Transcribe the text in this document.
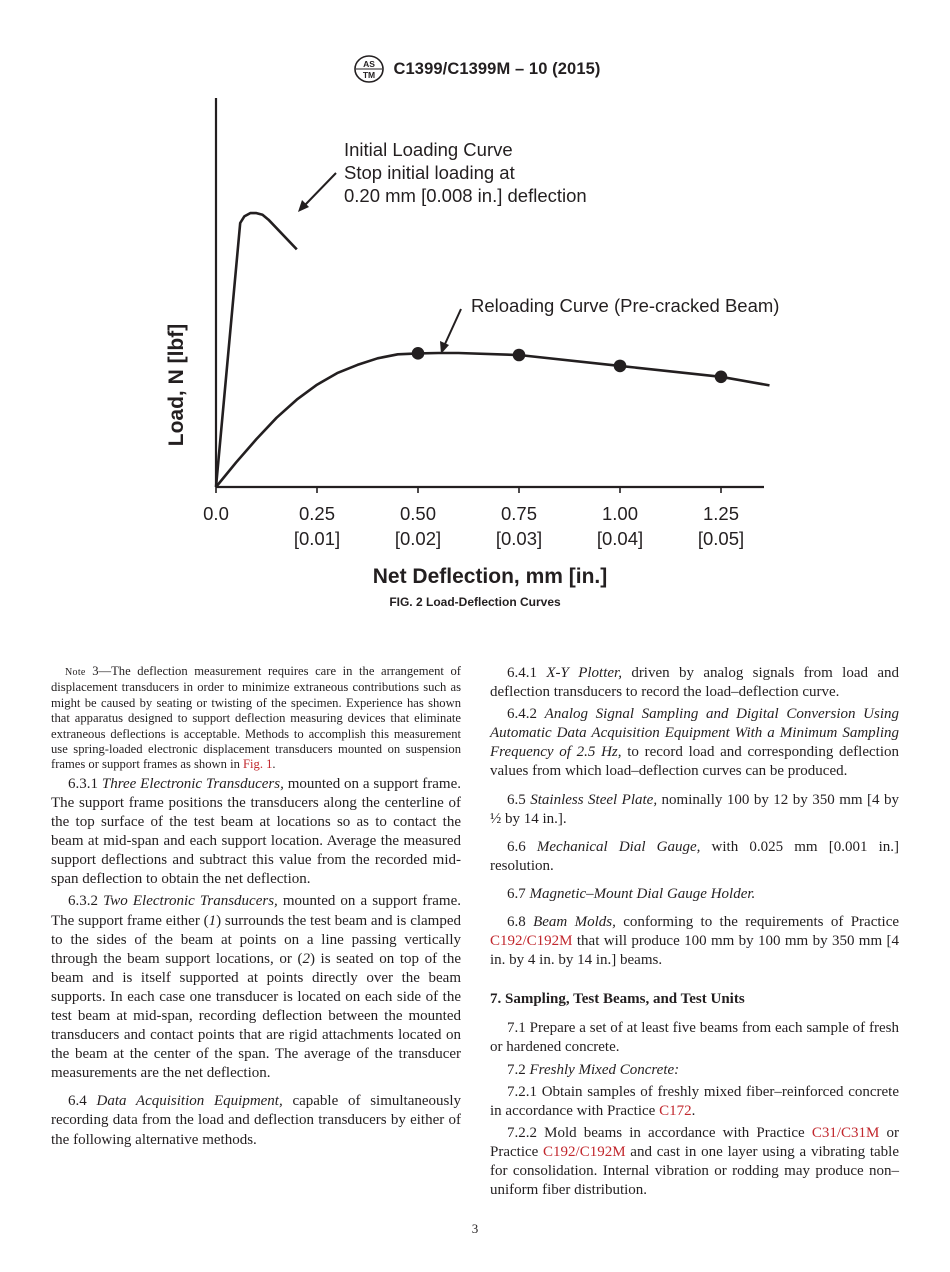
AS
TM C1399/C1399M – 10 (2015)
0.0	0.25
[0.01]
0.50
[0.02]
0.75
[0.03]
1.00
[0.04]
1.25
[0.05]
Initial Loading Curve
Stop initial loading at
0.20 mm [0.008 in.] deflection
Reloading Curve (Pre-cracked Beam)
Load, N [lbf]
Net Deflection, mm [in.]
FIG. 2 Load-Deflection Curves

Note 3—The deflection measurement requires care in the arrangement of displacement transducers in order to minimize extraneous contributions such as might be caused by seating or twisting of the specimen. Experience has shown that apparatus designed to support deflection measuring devices that eliminate extraneous deflections is acceptable. Methods to accomplish this measurement use spring-loaded electronic displacement transducers mounted on suspension frames or support frames as shown in Fig. 1.

6.3.1 Three Electronic Transducers, mounted on a support frame. The support frame positions the transducers along the centerline of the top surface of the test beam at locations so as to contact the beam at mid-span and each support location. Average the measured support deflections and subtract this value from the recorded mid-span deflection to obtain the net deflection.

6.3.2 Two Electronic Transducers, mounted on a support frame. The support frame either (1) surrounds the test beam and is clamped to the sides of the beam at points on a line passing vertically through the beam support locations, or (2) is seated on top of the beam and is itself supported at points directly over the beam supports. In each case one transducer is located on each side of the test beam at mid-span, recording deflection between the mounted transducers and contact points that are rigid attachments located on the beam at the center of the span. The average of the transducer measurements are the net deflection.

6.4 Data Acquisition Equipment, capable of simultaneously recording data from the load and deflection transducers by either of the following alternative methods.

6.4.1 X-Y Plotter, driven by analog signals from load and deflection transducers to record the load–deflection curve.

6.4.2 Analog Signal Sampling and Digital Conversion Using Automatic Data Acquisition Equipment With a Minimum Sampling Frequency of 2.5 Hz, to record load and corresponding deflection values from which load–deflection curves can be produced.

6.5 Stainless Steel Plate, nominally 100 by 12 by 350 mm [4 by ½ by 14 in.].

6.6 Mechanical Dial Gauge, with 0.025 mm [0.001 in.] resolution.

6.7 Magnetic–Mount Dial Gauge Holder.

6.8 Beam Molds, conforming to the requirements of Practice C192/C192M that will produce 100 mm by 100 mm by 350 mm [4 in. by 4 in. by 14 in.] beams.

7. Sampling, Test Beams, and Test Units

7.1 Prepare a set of at least five beams from each sample of fresh or hardened concrete.

7.2 Freshly Mixed Concrete:

7.2.1 Obtain samples of freshly mixed fiber–reinforced concrete in accordance with Practice C172.

7.2.2 Mold beams in accordance with Practice C31/C31M or Practice C192/C192M and cast in one layer using a vibrating table for consolidation. Internal vibration or rodding may produce non–uniform fiber distribution.

3
